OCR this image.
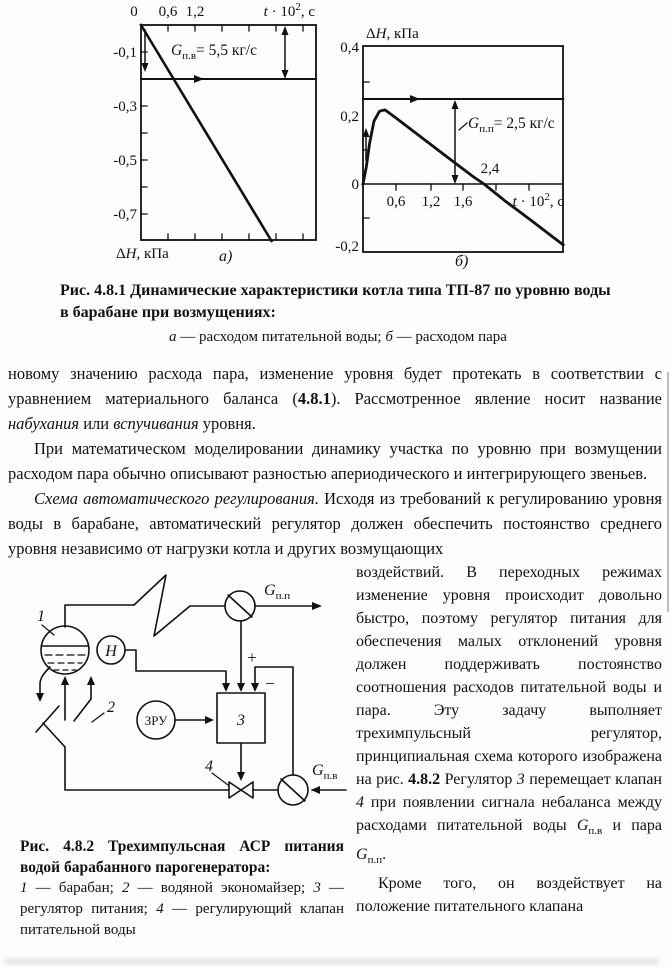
0 0,6 1,2	$t \cdot 10^2$, с
-0,1
-0,3
-0,5
-0,7
$G_{п.в}= 5,5$ кг/с
ΔH, кПа	а)
ΔH, кПа
0,4
0,2
0
-0,2
0,6 1,2 1,6	$t \cdot 10^2$, с
2,4
$G_{п.п}= 2,5$ кг/с
б)
Рис. 4.8.1 Динамические характеристики котла типа ТП-87 по уровню воды
в барабане при возмущениях:
а — расходом питательной воды; б — расходом пара

новому значению расхода пара, изменение уровня будет протекать в соответствии с уравнением материального баланса (4.8.1). Рассмотренное явление носит название набухания или вспучивания уровня.

При математическом моделировании динамику участка по уровню при возмущении расходом пара обычно описывают разностью апериодического и интегрирующего звеньев.

Схема автоматического регулирования. Исходя из требований к регулированию уровня воды в барабане, автоматический регулятор должен обеспечить постоянство среднего уровня независимо от нагрузки котла и других возмущающих

1
2
3
4
Н
ЗРУ
+
−
$G_{п.п}$
$G_{п.в}$
Рис. 4.8.2 Трехимпульсная АСР питания водой барабанного парогенератора:
1 — барабан; 2 — водяной экономайзер; 3 — регулятор питания; 4 — регулирующий клапан питательной воды

воздействий. В переходных режимах изменение уровня происходит довольно быстро, поэтому регулятор питания для обеспечения малых отклонений уровня должен поддерживать постоянство соотношения расходов питательной воды и пара. Эту задачу выполняет трехимпульсный регулятор, принципиальная схема которого изображена на рис. 4.8.2 Регулятор 3 перемещает клапан 4 при появлении сигнала небаланса между расходами питательной воды $G_{п.в}$ и пара $G_{п.п}$.

Кроме того, он воздействует на положение питательного клапана
